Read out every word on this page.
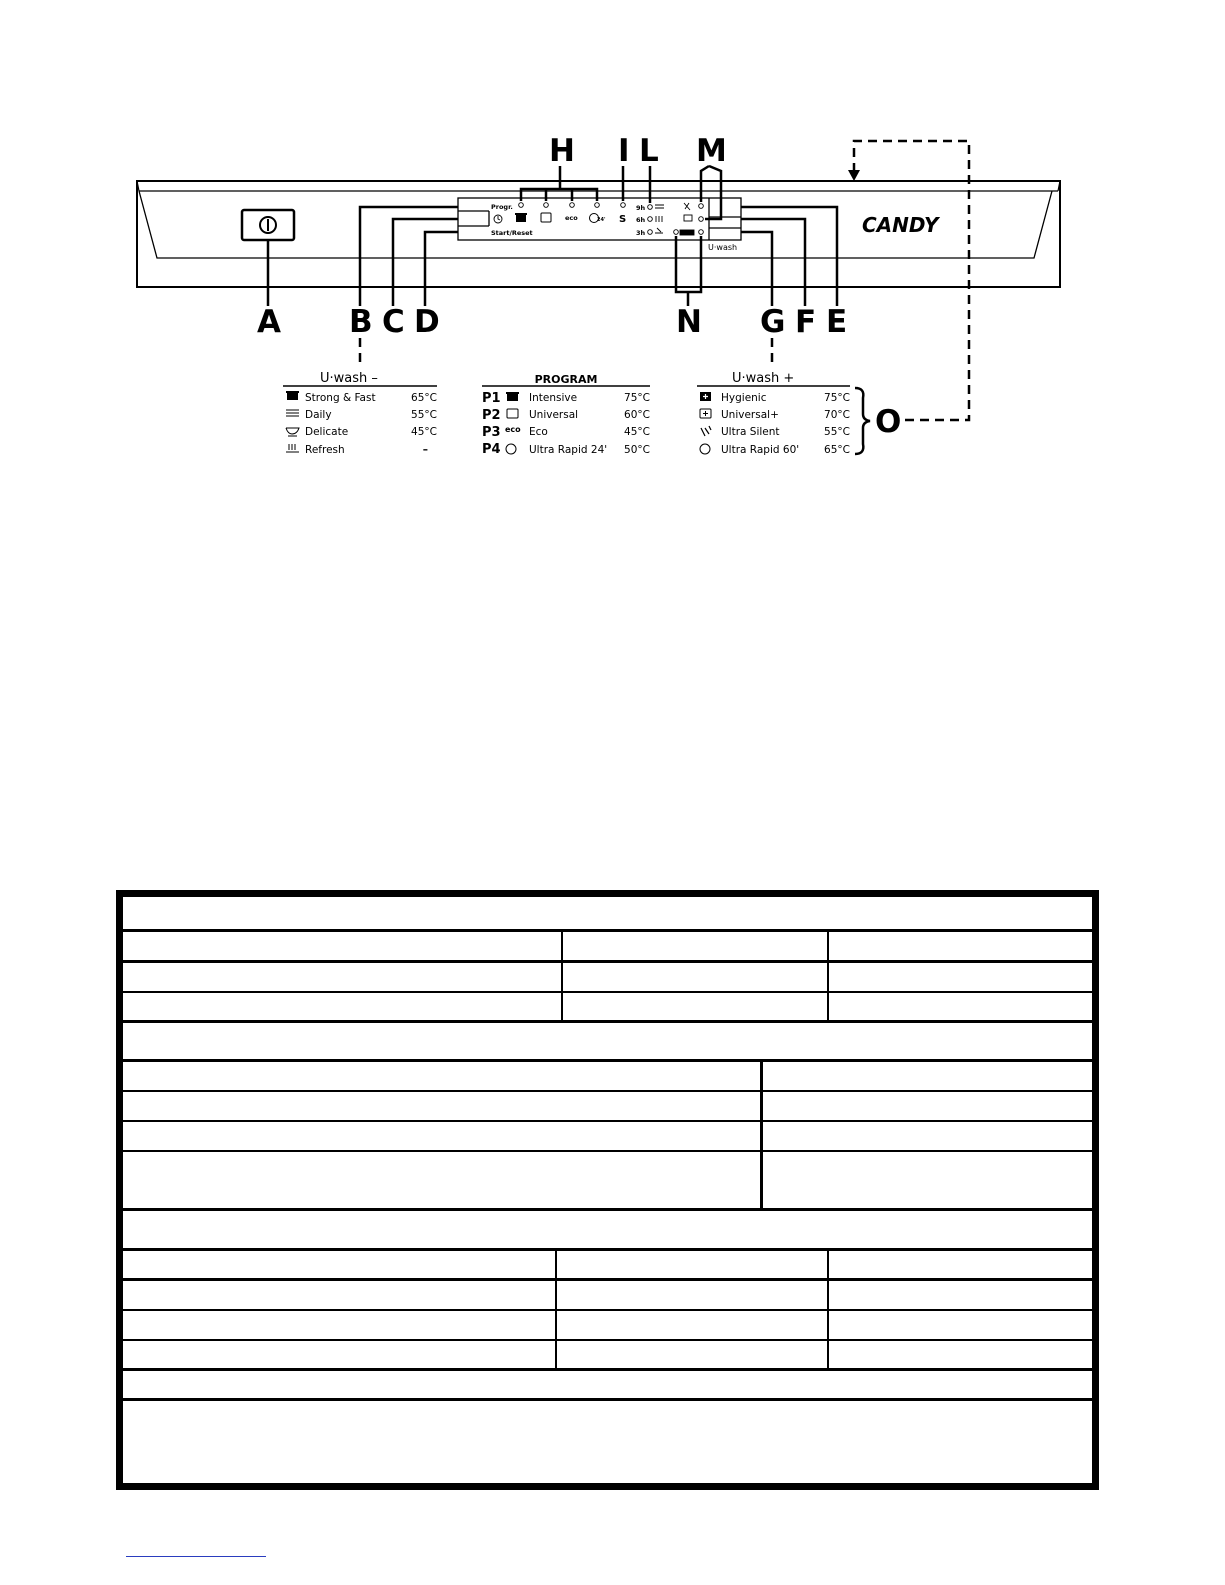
Progr.
Start/Reset
U·wash
eco	24' S
9h
6h
3h	CANDY
A B C D	E
F
G
H I L M
N
O
U·wash –
Strong & Fast	65°C
Daily	55°C
Delicate	45°C
Refresh	–
PROGRAM
P1	Intensive	75°C
P2	Universal	60°C
P3 eco Eco	45°C
P4	Ultra Rapid 24' 50°C
U·wash +
Hygienic	75°C
Universal+	70°C
Ultra Silent	55°C
Ultra Rapid 60' 65°C
